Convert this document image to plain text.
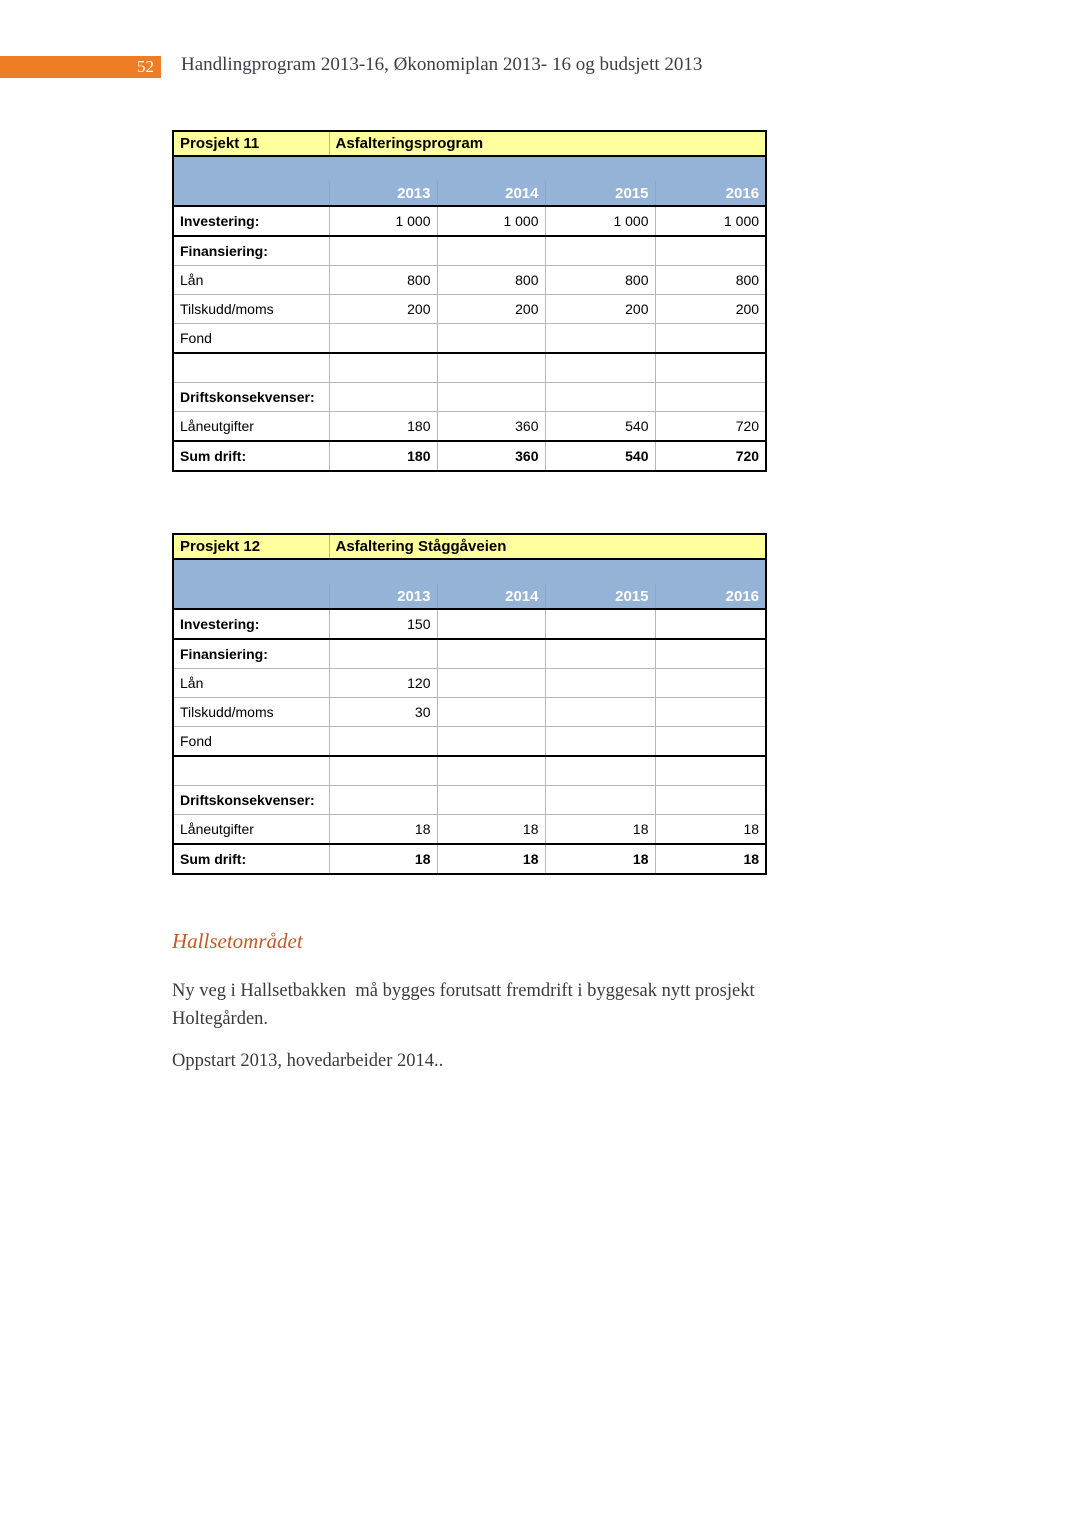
52 Handlingprogram 2013-16, Økonomiplan 2013- 16 og budsjett 2013
Prosjekt 11	Asfalteringsprogram			

	2013	2014	2015	2016
Investering:	1 000	1 000	1 000	1 000
Finansiering:				
Lån	800	800	800	800
Tilskudd/moms	200	200	200	200
Fond				

Driftskonsekvenser:				
Låneutgifter	180	360	540	720
Sum drift:	180	360	540	720
Prosjekt 12	Asfaltering Ståggåveien			

	2013	2014	2015	2016
Investering:	150			
Finansiering:				
Lån	120			
Tilskudd/moms	30			
Fond				

Driftskonsekvenser:				
Låneutgifter	18	18	18	18
Sum drift:	18	18	18	18
Hallsetområdet

Ny veg i Hallsetbakken  må bygges forutsatt fremdrift i byggesak nytt prosjekt Holtegården.

Oppstart 2013, hovedarbeider 2014..
